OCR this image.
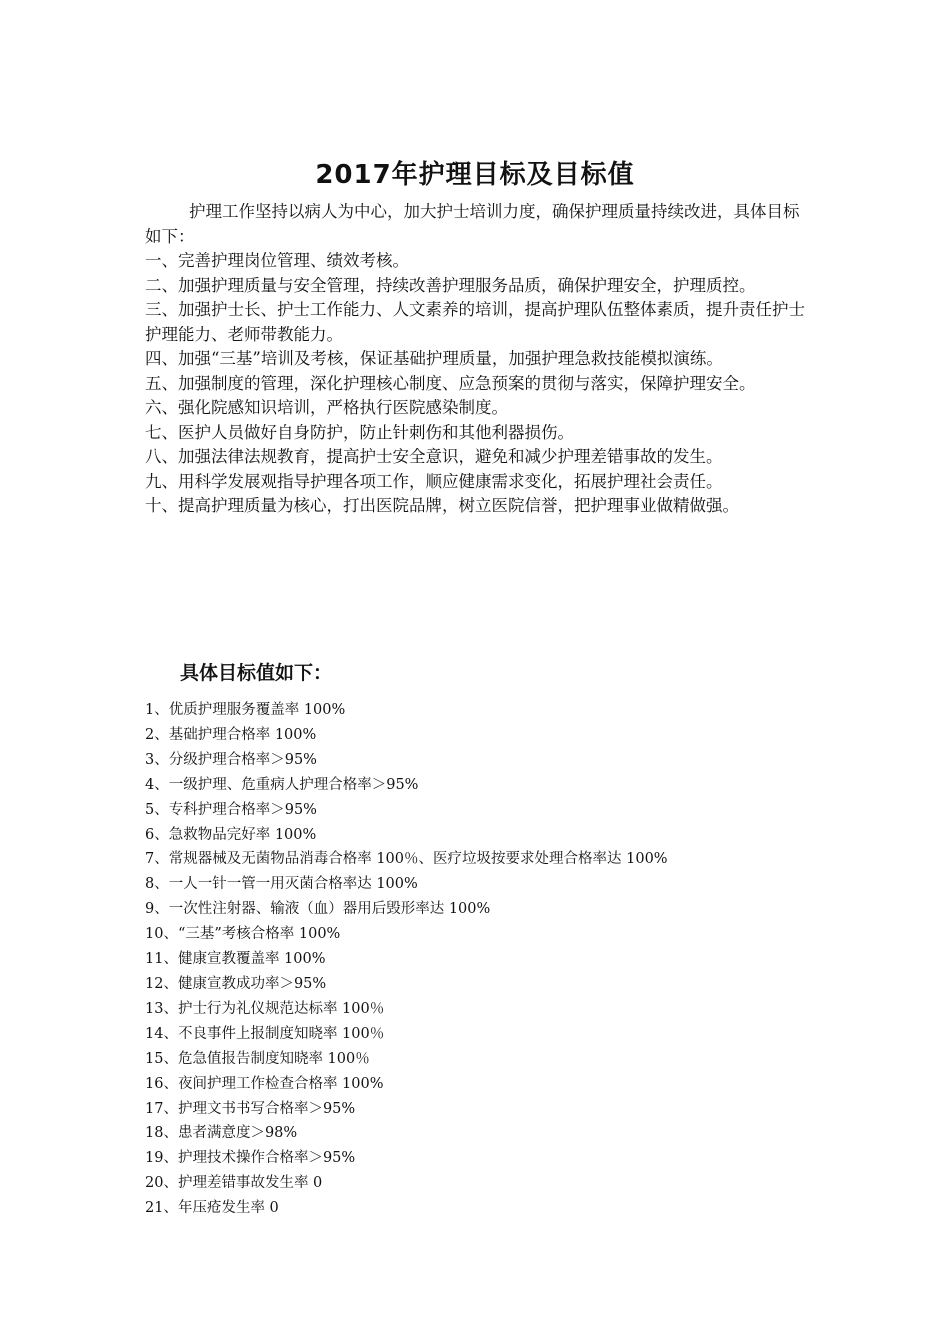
2017年护理目标及目标值

护理工作坚持以病人为中心，加大护士培训力度，确保护理质量持续改进，具体目标如下：

一、完善护理岗位管理、绩效考核。

二、加强护理质量与安全管理，持续改善护理服务品质，确保护理安全，护理质控。

三、加强护士长、护士工作能力、人文素养的培训，提高护理队伍整体素质，提升责任护士护理能力、老师带教能力。

四、加强“三基”培训及考核，保证基础护理质量，加强护理急救技能模拟演练。

五、加强制度的管理，深化护理核心制度、应急预案的贯彻与落实，保障护理安全。

六、强化院感知识培训，严格执行医院感染制度。

七、医护人员做好自身防护，防止针刺伤和其他利器损伤。

八、加强法律法规教育，提高护士安全意识，避免和减少护理差错事故的发生。

九、用科学发展观指导护理各项工作，顺应健康需求变化，拓展护理社会责任。

十、提高护理质量为核心，打出医院品牌，树立医院信誉，把护理事业做精做强。

具体目标值如下：
1、优质护理服务覆盖率 100%
2、基础护理合格率 100%
3、分级护理合格率＞95%
4、一级护理、危重病人护理合格率＞95%
5、专科护理合格率＞95%
6、急救物品完好率 100%
7、常规器械及无菌物品消毒合格率 100％、医疗垃圾按要求处理合格率达 100%
8、一人一针一管一用灭菌合格率达 100%
9、一次性注射器、输液（血）器用后毁形率达 100%
10、“三基”考核合格率 100%
11、健康宣教覆盖率 100%
12、健康宣教成功率＞95%
13、护士行为礼仪规范达标率 100％
14、不良事件上报制度知晓率 100％
15、危急值报告制度知晓率 100％
16、夜间护理工作检查合格率 100%
17、护理文书书写合格率＞95%
18、患者满意度＞98%
19、护理技术操作合格率＞95%
20、护理差错事故发生率 0
21、年压疮发生率 0
